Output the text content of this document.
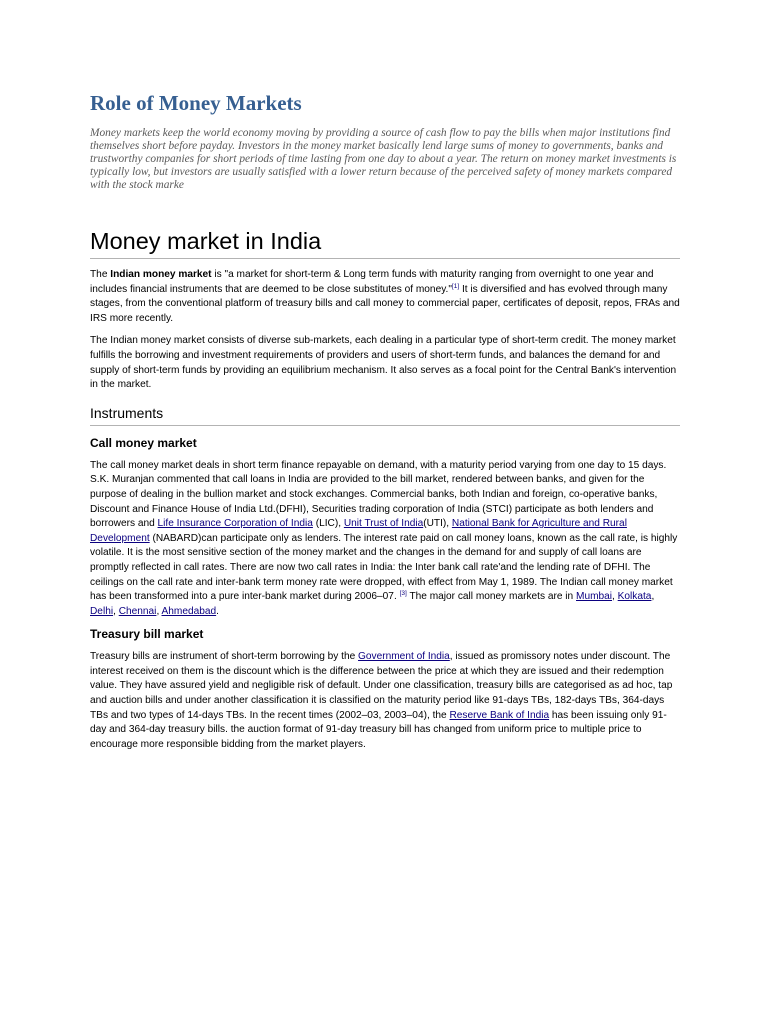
Role of Money Markets

Money markets keep the world economy moving by providing a source of cash flow to pay the bills when major institutions find themselves short before payday. Investors in the money market basically lend large sums of money to governments, banks and trustworthy companies for short periods of time lasting from one day to about a year. The return on money market investments is typically low, but investors are usually satisfied with a lower return because of the perceived safety of money markets compared with the stock marke

Money market in India

The Indian money market is "a market for short-term & Long term funds with maturity ranging from overnight to one year and includes financial instruments that are deemed to be close substitutes of money."[1] It is diversified and has evolved through many stages, from the conventional platform of treasury bills and call money to commercial paper, certificates of deposit, repos, FRAs and IRS more recently.

The Indian money market consists of diverse sub-markets, each dealing in a particular type of short-term credit. The money market fulfills the borrowing and investment requirements of providers and users of short-term funds, and balances the demand for and supply of short-term funds by providing an equilibrium mechanism. It also serves as a focal point for the Central Bank's intervention in the market.

Instruments
Call money market

The call money market deals in short term finance repayable on demand, with a maturity period varying from one day to 15 days. S.K. Muranjan commented that call loans in India are provided to the bill market, rendered between banks, and given for the purpose of dealing in the bullion market and stock exchanges. Commercial banks, both Indian and foreign, co-operative banks, Discount and Finance House of India Ltd.(DFHI), Securities trading corporation of India (STCI) participate as both lenders and borrowers and Life Insurance Corporation of India (LIC), Unit Trust of India(UTI), National Bank for Agriculture and Rural Development (NABARD)can participate only as lenders. The interest rate paid on call money loans, known as the call rate, is highly volatile. It is the most sensitive section of the money market and the changes in the demand for and supply of call loans are promptly reflected in call rates. There are now two call rates in India: the Inter bank call rate'and the lending rate of DFHI. The ceilings on the call rate and inter-bank term money rate were dropped, with effect from May 1, 1989. The Indian call money market has been transformed into a pure inter-bank market during 2006–07. [3] The major call money markets are in Mumbai, Kolkata, Delhi, Chennai, Ahmedabad.

Treasury bill market

Treasury bills are instrument of short-term borrowing by the Government of India, issued as promissory notes under discount. The interest received on them is the discount which is the difference between the price at which they are issued and their redemption value. They have assured yield and negligible risk of default. Under one classification, treasury bills are categorised as ad hoc, tap and auction bills and under another classification it is classified on the maturity period like 91-days TBs, 182-days TBs, 364-days TBs and two types of 14-days TBs. In the recent times (2002–03, 2003–04), the Reserve Bank of India has been issuing only 91-day and 364-day treasury bills. the auction format of 91-day treasury bill has changed from uniform price to multiple price to encourage more responsible bidding from the market players.
